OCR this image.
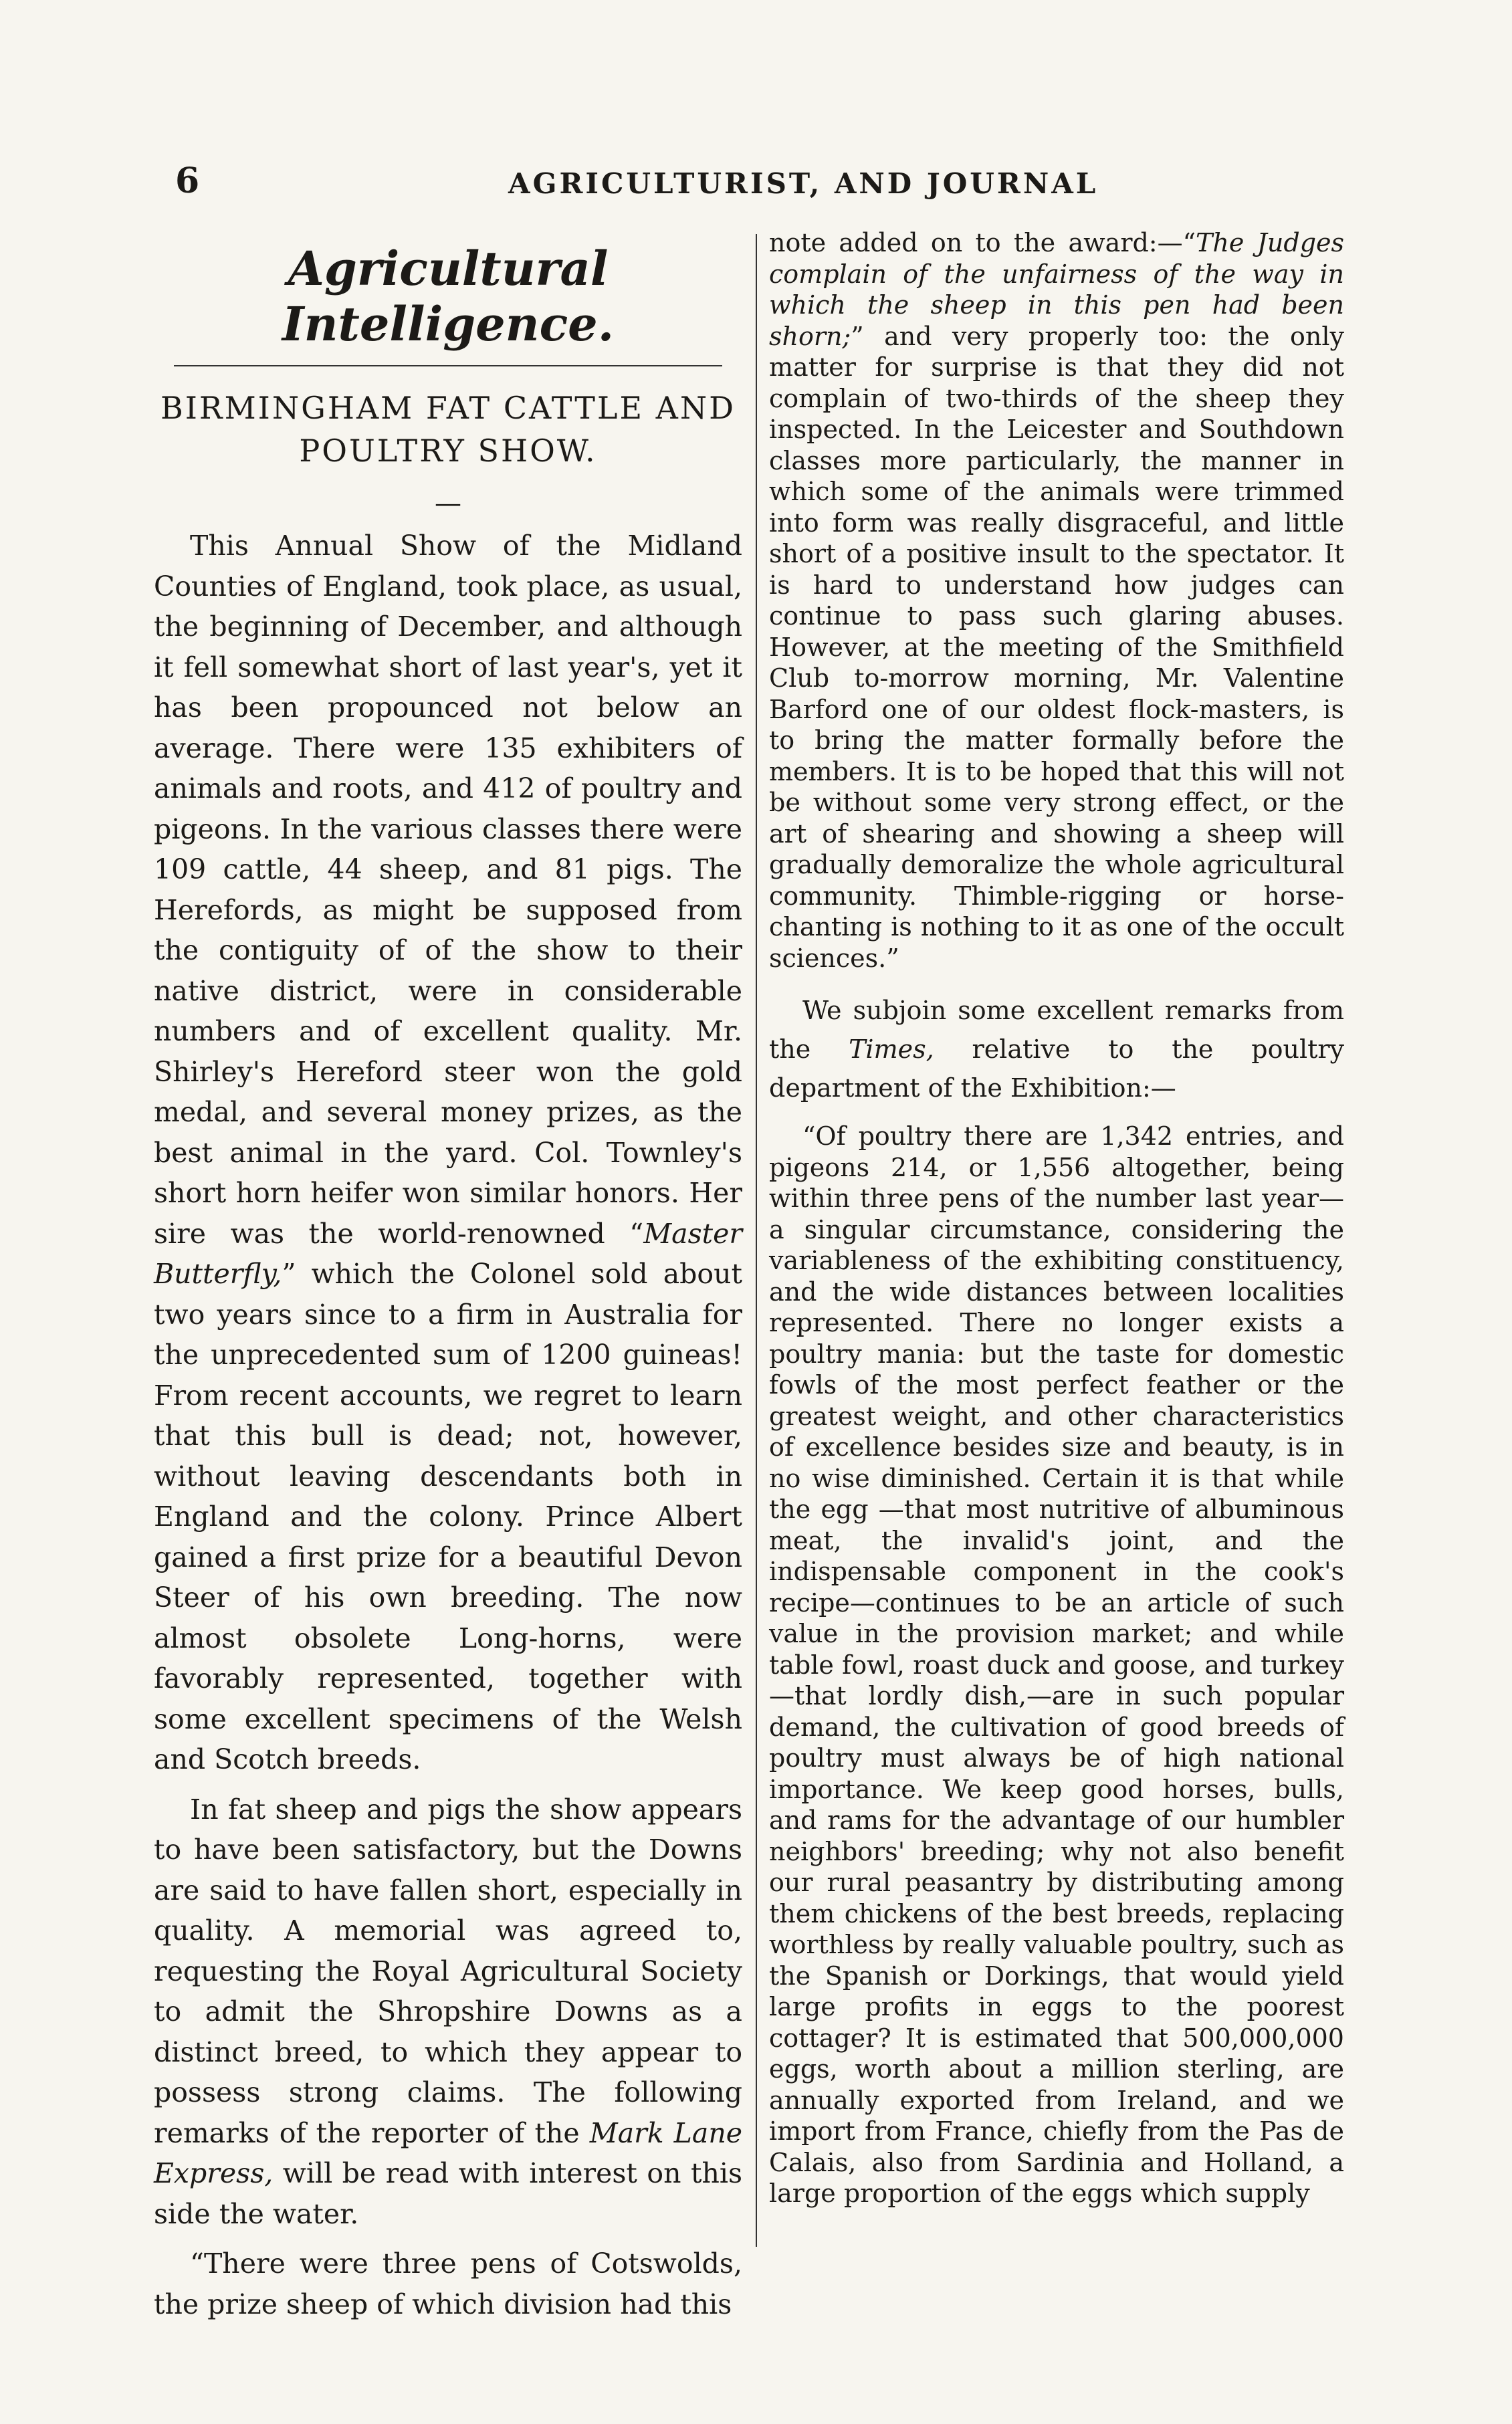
6	AGRICULTURIST, AND JOURNAL
Agricultural Intelligence.
BIRMINGHAM FAT CATTLE AND
POULTRY SHOW.
—

This Annual Show of the Midland Counties of England, took place, as usual, the beginning of December, and although it fell somewhat short of last year's, yet it has been propounced not below an average. There were 135 exhibiters of animals and roots, and 412 of poultry and pigeons. In the various classes there were 109 cattle, 44 sheep, and 81 pigs. The Herefords, as might be supposed from the contiguity of of the show to their native district, were in considerable numbers and of excellent quality. Mr. Shirley's Hereford steer won the gold medal, and several money prizes, as the best animal in the yard. Col. Townley's short horn heifer won similar honors. Her sire was the world-renowned “Master Butterfly,” which the Colonel sold about two years since to a firm in Australia for the unprecedented sum of 1200 guineas! From recent accounts, we regret to learn that this bull is dead; not, however, without leaving descendants both in England and the colony. Prince Albert gained a first prize for a beautiful Devon Steer of his own breeding. The now almost obsolete Long-horns, were favorably represented, together with some excellent specimens of the Welsh and Scotch breeds.

In fat sheep and pigs the show appears to have been satisfactory, but the Downs are said to have fallen short, especially in quality. A memorial was agreed to, requesting the Royal Agricultural Society to admit the Shropshire Downs as a distinct breed, to which they appear to possess strong claims. The following remarks of the reporter of the Mark Lane Express, will be read with interest on this side the water.

“There were three pens of Cotswolds, the prize sheep of which division had this

note added on to the award:—“The Judges complain of the unfairness of the way in which the sheep in this pen had been shorn;” and very properly too: the only matter for surprise is that they did not complain of two-thirds of the sheep they inspected. In the Leicester and Southdown classes more particularly, the manner in which some of the animals were trimmed into form was really disgraceful, and little short of a positive insult to the spectator. It is hard to understand how judges can continue to pass such glaring abuses. However, at the meeting of the Smithfield Club to-morrow morning, Mr. Valentine Barford one of our oldest flock-masters, is to bring the matter formally before the members. It is to be hoped that this will not be without some very strong effect, or the art of shearing and showing a sheep will gradually demoralize the whole agricultural community. Thimble-rigging or horse-chanting is nothing to it as one of the occult sciences.”

We subjoin some excellent remarks from the Times, relative to the poultry department of the Exhibition:—

“Of poultry there are 1,342 entries, and pigeons 214, or 1,556 altogether, being within three pens of the number last year—a singular circumstance, considering the variableness of the exhibiting constituency, and the wide distances between localities represented. There no longer exists a poultry mania: but the taste for domestic fowls of the most perfect feather or the greatest weight, and other characteristics of excellence besides size and beauty, is in no wise diminished. Certain it is that while the egg —that most nutritive of albuminous meat, the invalid's joint, and the indispensable component in the cook's recipe—continues to be an article of such value in the provision market; and while table fowl, roast duck and goose, and turkey—that lordly dish,—are in such popular demand, the cultivation of good breeds of poultry must always be of high national importance. We keep good horses, bulls, and rams for the advantage of our humbler neighbors' breeding; why not also benefit our rural peasantry by distributing among them chickens of the best breeds, replacing worthless by really valuable poultry, such as the Spanish or Dorkings, that would yield large profits in eggs to the poorest cottager? It is estimated that 500,000,000 eggs, worth about a million sterling, are annually exported from Ireland, and we import from France, chiefly from the Pas de Calais, also from Sardinia and Holland, a large proportion of the eggs which supply
